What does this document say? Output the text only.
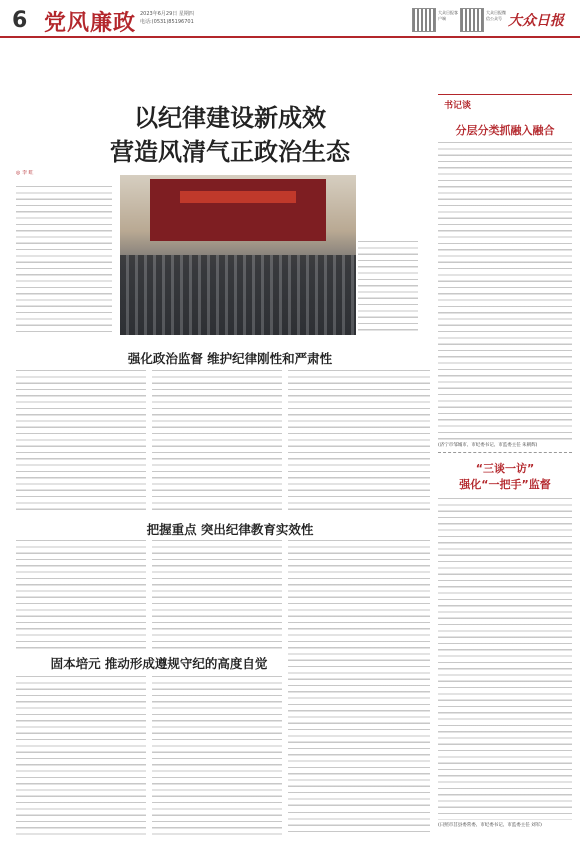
6 党风廉政 2023年6月29日 星期四
电话:(0531)85196701
大众日报客户端
大众日报微信公众号 大众日报
以纪律建设新成效
营造风清气正政治生态
◎ 李 虹
强化政治监督 维护纪律刚性和严肃性
把握重点 突出纪律教育实效性
固本培元 推动形成遵规守纪的高度自觉
书记谈
分层分类抓融入融合
(济宁市邹城市、市纪委书记、市监委主任 朱朝辉)
“三谈一访”
强化“一把手”监督
(日照市莒县委常委、市纪委书记、市监委主任 刘军)
